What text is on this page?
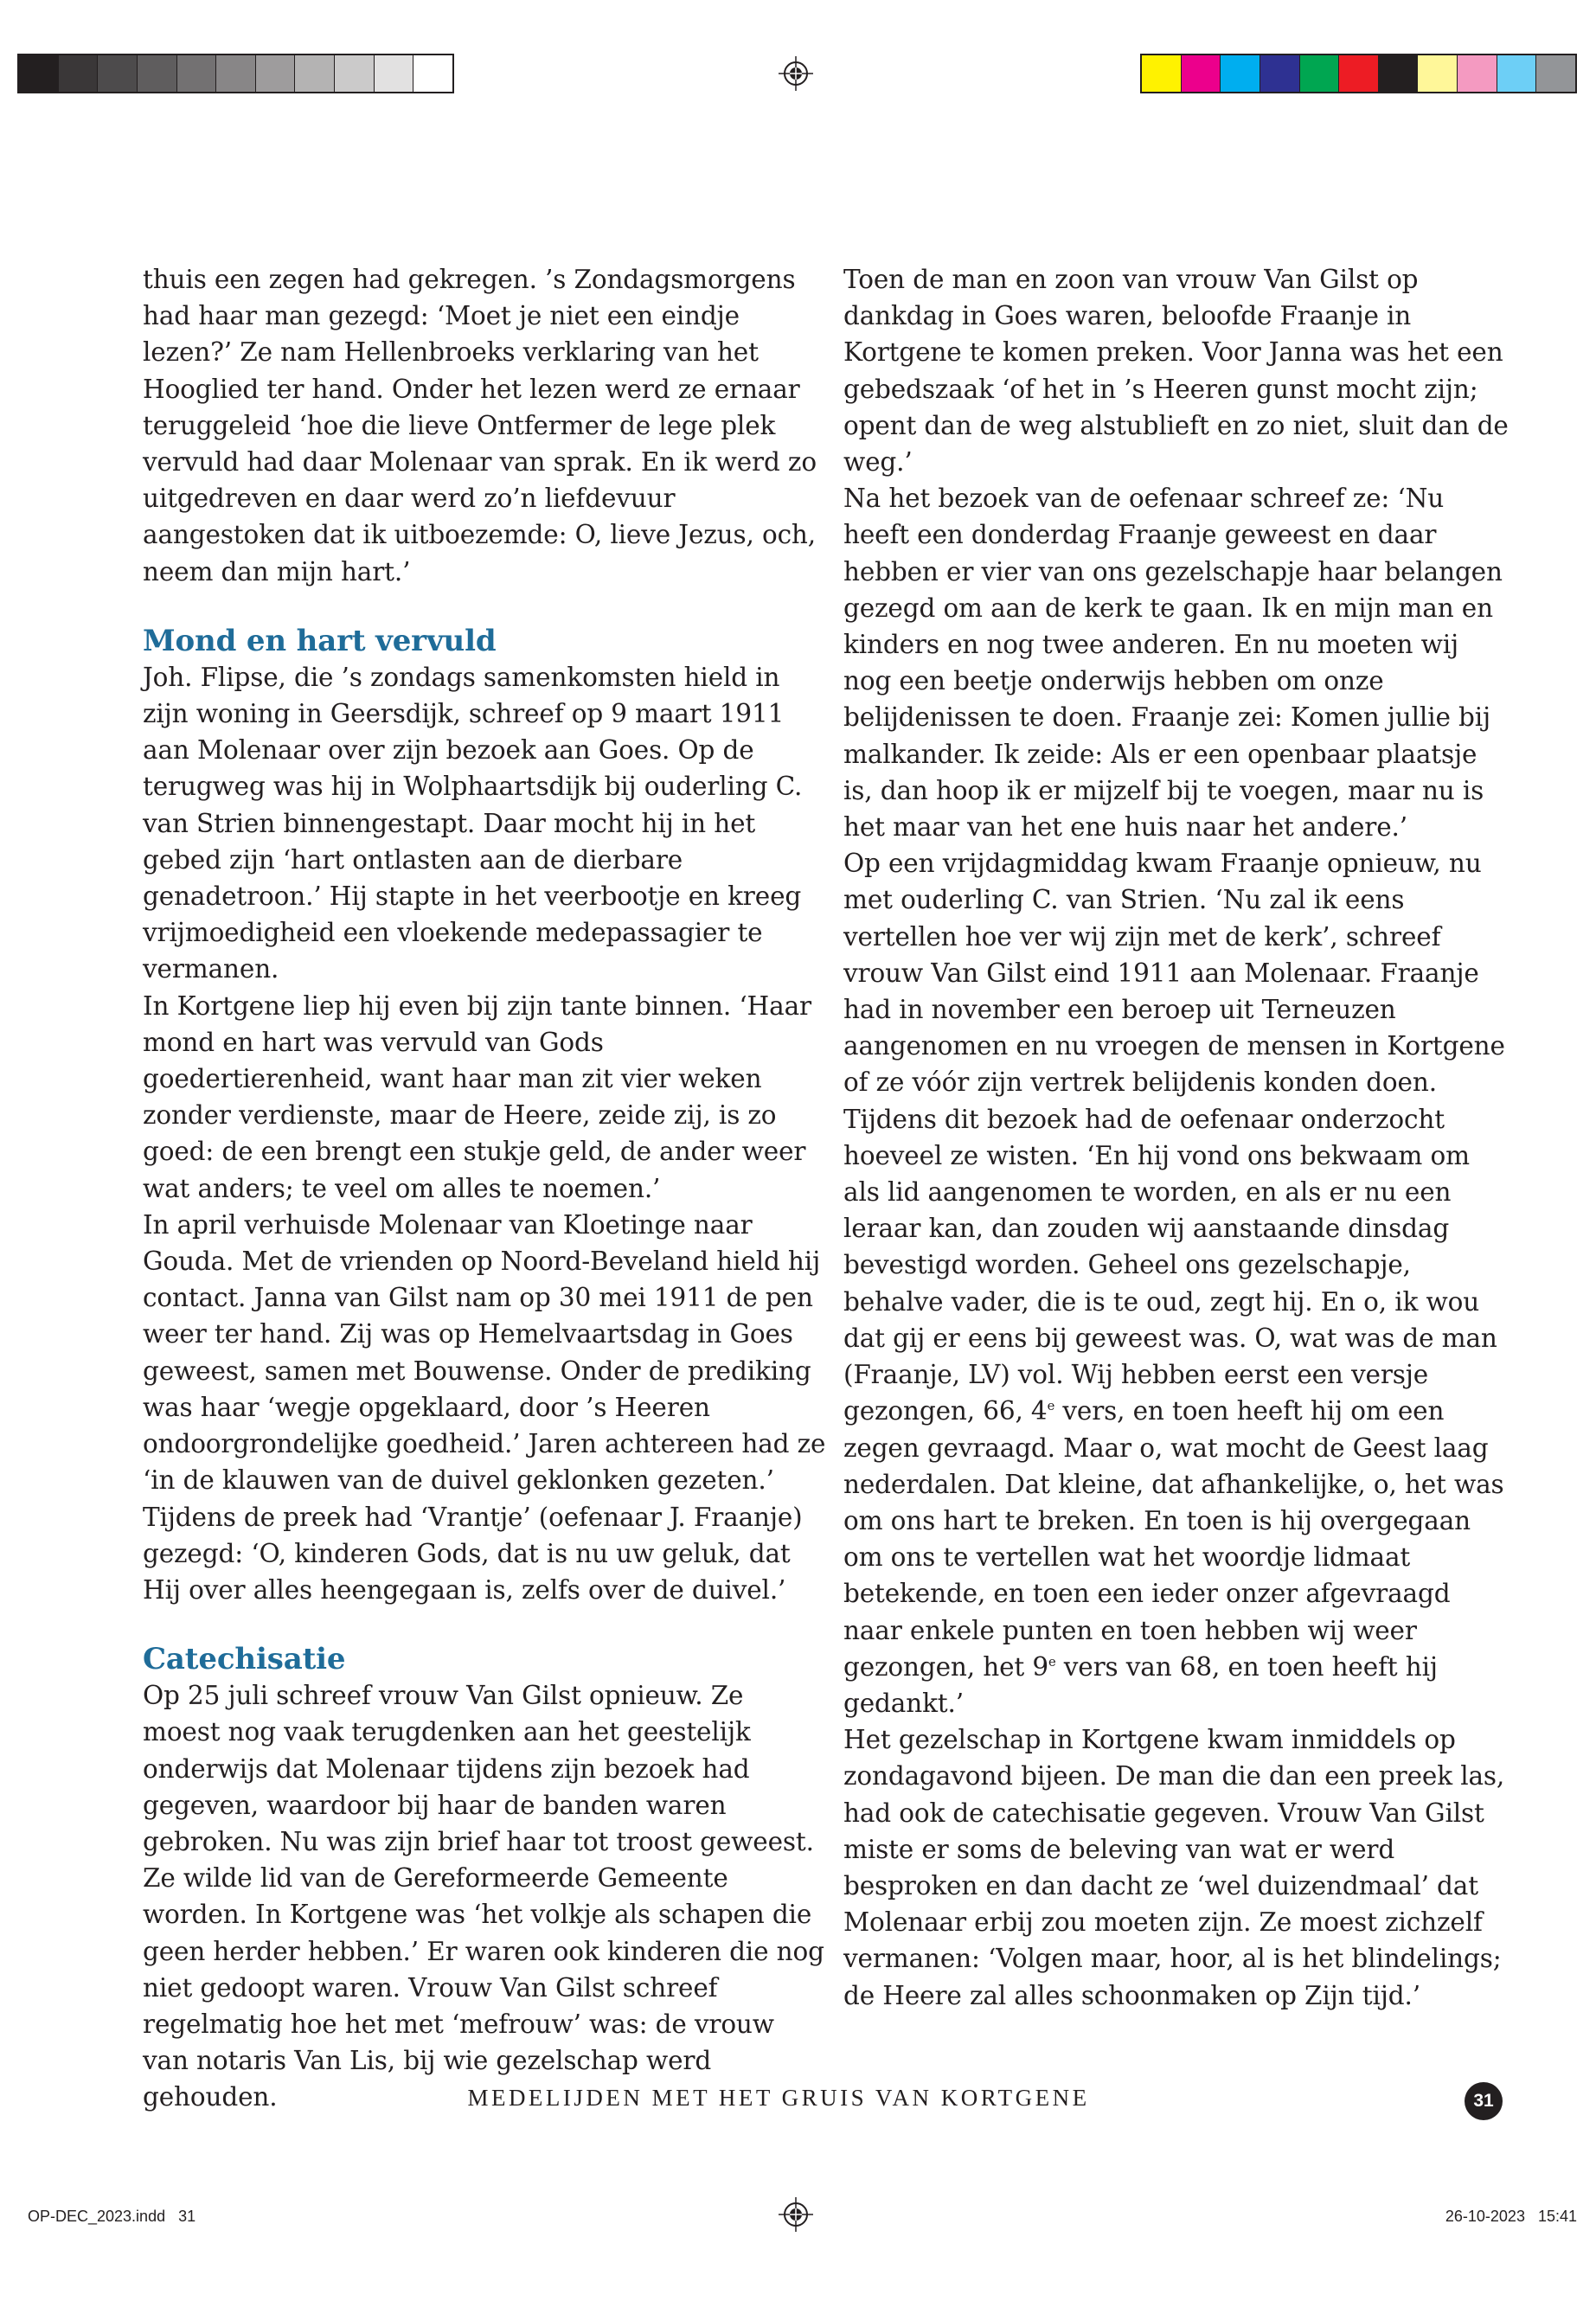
thuis een zegen had gekregen. ’s Zondagsmorgens had haar man gezegd: ‘Moet je niet een eindje lezen?’ Ze nam Hellenbroeks verklaring van het Hooglied ter hand. Onder het lezen werd ze ernaar teruggeleid ‘hoe die lieve Ontfermer de lege plek vervuld had daar Molenaar van sprak. En ik werd zo uitgedreven en daar werd zo’n liefdevuur aangestoken dat ik uitboezemde: O, lieve Jezus, och, neem dan mijn hart.’

Mond en hart vervuld

Joh. Flipse, die ’s zondags samenkomsten hield in zijn woning in Geersdijk, schreef op 9 maart 1911 aan Molenaar over zijn bezoek aan Goes. Op de terugweg was hij in Wolphaartsdijk bij ouderling C. van Strien binnengestapt. Daar mocht hij in het gebed zijn ‘hart ontlasten aan de dierbare genadetroon.’ Hij stapte in het veerbootje en kreeg vrijmoedigheid een vloekende medepassagier te vermanen.

In Kortgene liep hij even bij zijn tante binnen. ‘Haar mond en hart was vervuld van Gods goedertierenheid, want haar man zit vier weken zonder verdienste, maar de Heere, zeide zij, is zo goed: de een brengt een stukje geld, de ander weer wat anders; te veel om alles te noemen.’

In april verhuisde Molenaar van Kloetinge naar Gouda. Met de vrienden op Noord-Beveland hield hij contact. Janna van Gilst nam op 30 mei 1911 de pen weer ter hand. Zij was op Hemelvaartsdag in Goes geweest, samen met Bouwense. Onder de prediking was haar ‘wegje opgeklaard, door ’s Heeren ondoorgrondelijke goedheid.’ Jaren achtereen had ze ‘in de klauwen van de duivel geklonken gezeten.’ Tijdens de preek had ‘Vrantje’ (oefenaar J. Fraanje) gezegd: ‘O, kinderen Gods, dat is nu uw geluk, dat Hij over alles heengegaan is, zelfs over de duivel.’

Catechisatie

Op 25 juli schreef vrouw Van Gilst opnieuw. Ze moest nog vaak terugdenken aan het geestelijk onderwijs dat Molenaar tijdens zijn bezoek had gegeven, waardoor bij haar de banden waren gebroken. Nu was zijn brief haar tot troost geweest.

Ze wilde lid van de Gereformeerde Gemeente worden. In Kortgene was ‘het volkje als schapen die geen herder hebben.’ Er waren ook kinderen die nog niet gedoopt waren. Vrouw Van Gilst schreef regelmatig hoe het met ‘mefrouw’ was: de vrouw van notaris Van Lis, bij wie gezelschap werd gehouden.

Toen de man en zoon van vrouw Van Gilst op dankdag in Goes waren, beloofde Fraanje in Kortgene te komen preken. Voor Janna was het een gebedszaak ‘of het in ’s Heeren gunst mocht zijn; opent dan de weg alstublieft en zo niet, sluit dan de weg.’

Na het bezoek van de oefenaar schreef ze: ‘Nu heeft een donderdag Fraanje geweest en daar hebben er vier van ons gezelschapje haar belangen gezegd om aan de kerk te gaan. Ik en mijn man en kinders en nog twee anderen. En nu moeten wij nog een beetje onderwijs hebben om onze belijdenissen te doen. Fraanje zei: Komen jullie bij malkander. Ik zeide: Als er een openbaar plaatsje is, dan hoop ik er mijzelf bij te voegen, maar nu is het maar van het ene huis naar het andere.’

Op een vrijdagmiddag kwam Fraanje opnieuw, nu met ouderling C. van Strien. ‘Nu zal ik eens vertellen hoe ver wij zijn met de kerk’, schreef vrouw Van Gilst eind 1911 aan Molenaar. Fraanje had in november een beroep uit Terneuzen aangenomen en nu vroegen de mensen in Kortgene of ze vóór zijn vertrek belijdenis konden doen. Tijdens dit bezoek had de oefenaar onderzocht hoeveel ze wisten. ‘En hij vond ons bekwaam om als lid aangenomen te worden, en als er nu een leraar kan, dan zouden wij aanstaande dinsdag bevestigd worden. Geheel ons gezelschapje, behalve vader, die is te oud, zegt hij. En o, ik wou dat gij er eens bij geweest was. O, wat was de man (Fraanje, LV) vol. Wij hebben eerst een versje gezongen, 66, 4e vers, en toen heeft hij om een zegen gevraagd. Maar o, wat mocht de Geest laag nederdalen. Dat kleine, dat afhankelijke, o, het was om ons hart te breken. En toen is hij overgegaan om ons te vertellen wat het woordje lidmaat betekende, en toen een ieder onzer afgevraagd naar enkele punten en toen hebben wij weer gezongen, het 9e vers van 68, en toen heeft hij gedankt.’

Het gezelschap in Kortgene kwam inmiddels op zondagavond bijeen. De man die dan een preek las, had ook de catechisatie gegeven. Vrouw Van Gilst miste er soms de beleving van wat er werd besproken en dan dacht ze ‘wel duizendmaal’ dat Molenaar erbij zou moeten zijn. Ze moest zichzelf vermanen: ‘Volgen maar, hoor, al is het blindelings; de Heere zal alles schoonmaken op Zijn tijd.’

MEDELIJDEN MET HET GRUIS VAN KORTGENE	31
OP-DEC_2023.indd   31	26-10-2023   15:41
